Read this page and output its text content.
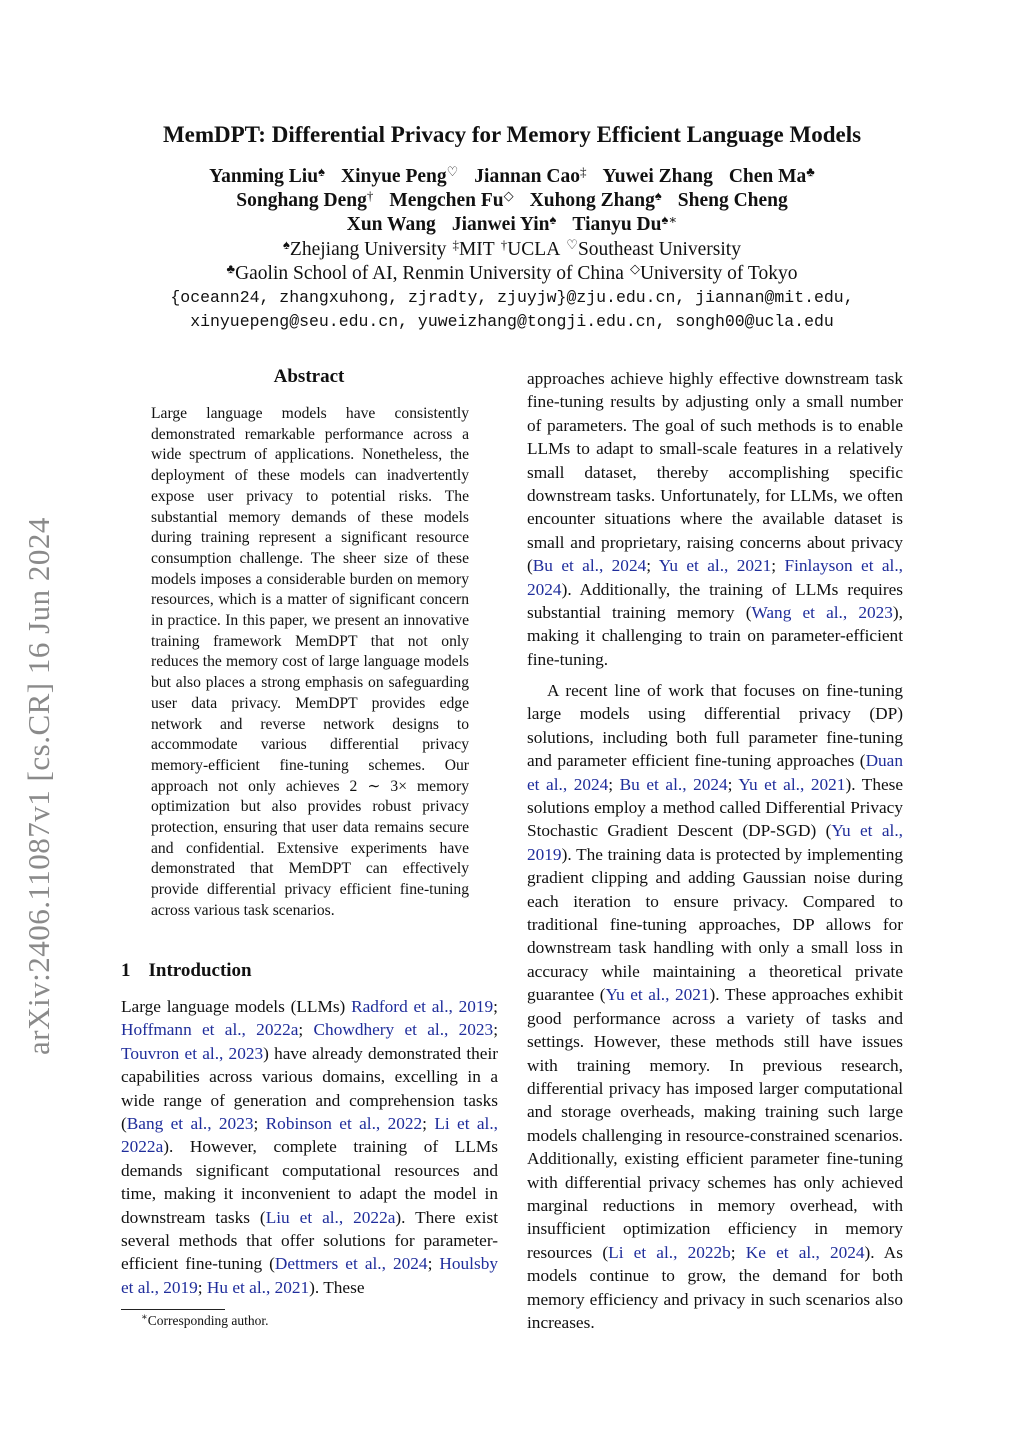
arXiv:2406.11087v1 [cs.CR] 16 Jun 2024
MemDPT: Differential Privacy for Memory Efficient Language Models
Yanming Liu♠ Xinyue Peng♡ Jiannan Cao‡ Yuwei Zhang Chen Ma♣
Songhang Deng† Mengchen Fu◇ Xuhong Zhang♠ Sheng Cheng
Xun Wang Jianwei Yin♠ Tianyu Du♠∗
♠Zhejiang University ‡MIT †UCLA ♡Southeast University
♣Gaolin School of AI, Renmin University of China ◇University of Tokyo
{oceann24, zhangxuhong, zjradty, zjuyjw}@zju.edu.cn, jiannan@mit.edu,
xinyuepeng@seu.edu.cn, yuweizhang@tongji.edu.cn, songh00@ucla.edu
Abstract

Large language models have consistently demonstrated remarkable performance across a wide spectrum of applications. Nonetheless, the deployment of these models can inadvertently expose user privacy to potential risks. The substantial memory demands of these models during training represent a significant resource consumption challenge. The sheer size of these models imposes a considerable burden on memory resources, which is a matter of significant concern in practice. In this paper, we present an innovative training framework MemDPT that not only reduces the memory cost of large language models but also places a strong emphasis on safeguarding user data privacy. MemDPT provides edge network and reverse network designs to accommodate various differential privacy memory-efficient fine-tuning schemes. Our approach not only achieves 2 ∼ 3× memory optimization but also provides robust privacy protection, ensuring that user data remains secure and confidential. Extensive experiments have demonstrated that MemDPT can effectively provide differential privacy efficient fine-tuning across various task scenarios.

1 Introduction

Large language models (LLMs) Radford et al., 2019; Hoffmann et al., 2022a; Chowdhery et al., 2023; Touvron et al., 2023) have already demonstrated their capabilities across various domains, excelling in a wide range of generation and comprehension tasks (Bang et al., 2023; Robinson et al., 2022; Li et al., 2022a). However, complete training of LLMs demands significant computational resources and time, making it inconvenient to adapt the model in downstream tasks (Liu et al., 2022a). There exist several methods that offer solutions for parameter-efficient fine-tuning (Dettmers et al., 2024; Houlsby et al., 2019; Hu et al., 2021). These

approaches achieve highly effective downstream task fine-tuning results by adjusting only a small number of parameters. The goal of such methods is to enable LLMs to adapt to small-scale features in a relatively small dataset, thereby accomplishing specific downstream tasks. Unfortunately, for LLMs, we often encounter situations where the available dataset is small and proprietary, raising concerns about privacy (Bu et al., 2024; Yu et al., 2021; Finlayson et al., 2024). Additionally, the training of LLMs requires substantial training memory (Wang et al., 2023), making it challenging to train on parameter-efficient fine-tuning.

A recent line of work that focuses on fine-tuning large models using differential privacy (DP) solutions, including both full parameter fine-tuning and parameter efficient fine-tuning approaches (Duan et al., 2024; Bu et al., 2024; Yu et al., 2021). These solutions employ a method called Differential Privacy Stochastic Gradient Descent (DP-SGD) (Yu et al., 2019). The training data is protected by implementing gradient clipping and adding Gaussian noise during each iteration to ensure privacy. Compared to traditional fine-tuning approaches, DP allows for downstream task handling with only a small loss in accuracy while maintaining a theoretical private guarantee (Yu et al., 2021). These approaches exhibit good performance across a variety of tasks and settings. However, these methods still have issues with training memory. In previous research, differential privacy has imposed larger computational and storage overheads, making training such large models challenging in resource-constrained scenarios. Additionally, existing efficient parameter fine-tuning with differential privacy schemes has only achieved marginal reductions in memory overhead, with insufficient optimization efficiency in memory resources (Li et al., 2022b; Ke et al., 2024). As models continue to grow, the demand for both memory efficiency and privacy in such scenarios also increases.

∗Corresponding author.
